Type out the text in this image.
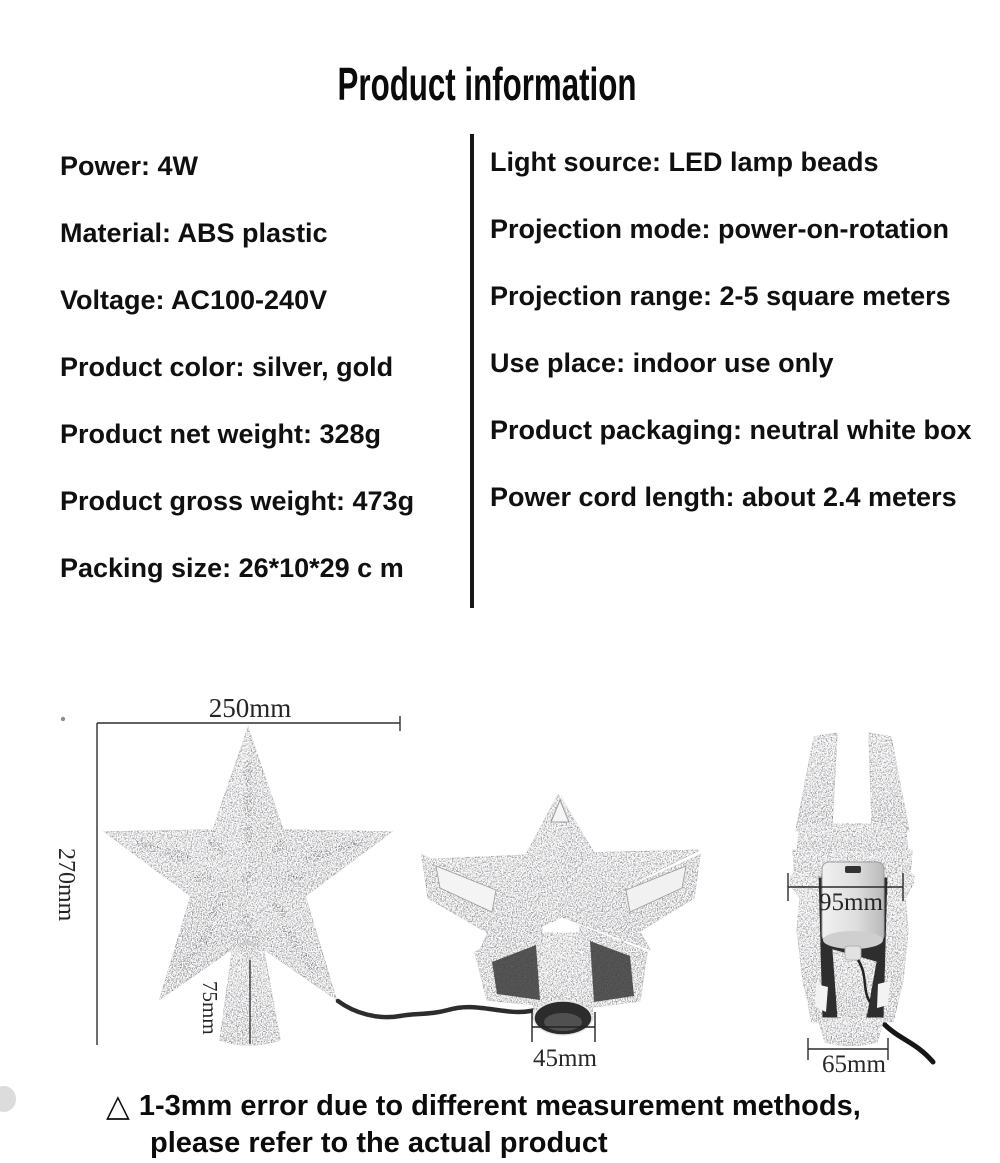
Product information
Power: 4W
Material: ABS plastic
Voltage: AC100-240V
Product color: silver, gold
Product net weight: 328g
Product gross weight: 473g
Packing size: 26*10*29 c m
Light source: LED lamp beads
Projection mode: power-on-rotation
Projection range: 2-5 square meters
Use place: indoor use only
Product packaging: neutral white box
Power cord length: about 2.4 meters
250mm
270mm
75mm
45mm
95mm
65mm
△ 1-3mm error due to different measurement methods,
please refer to the actual product
